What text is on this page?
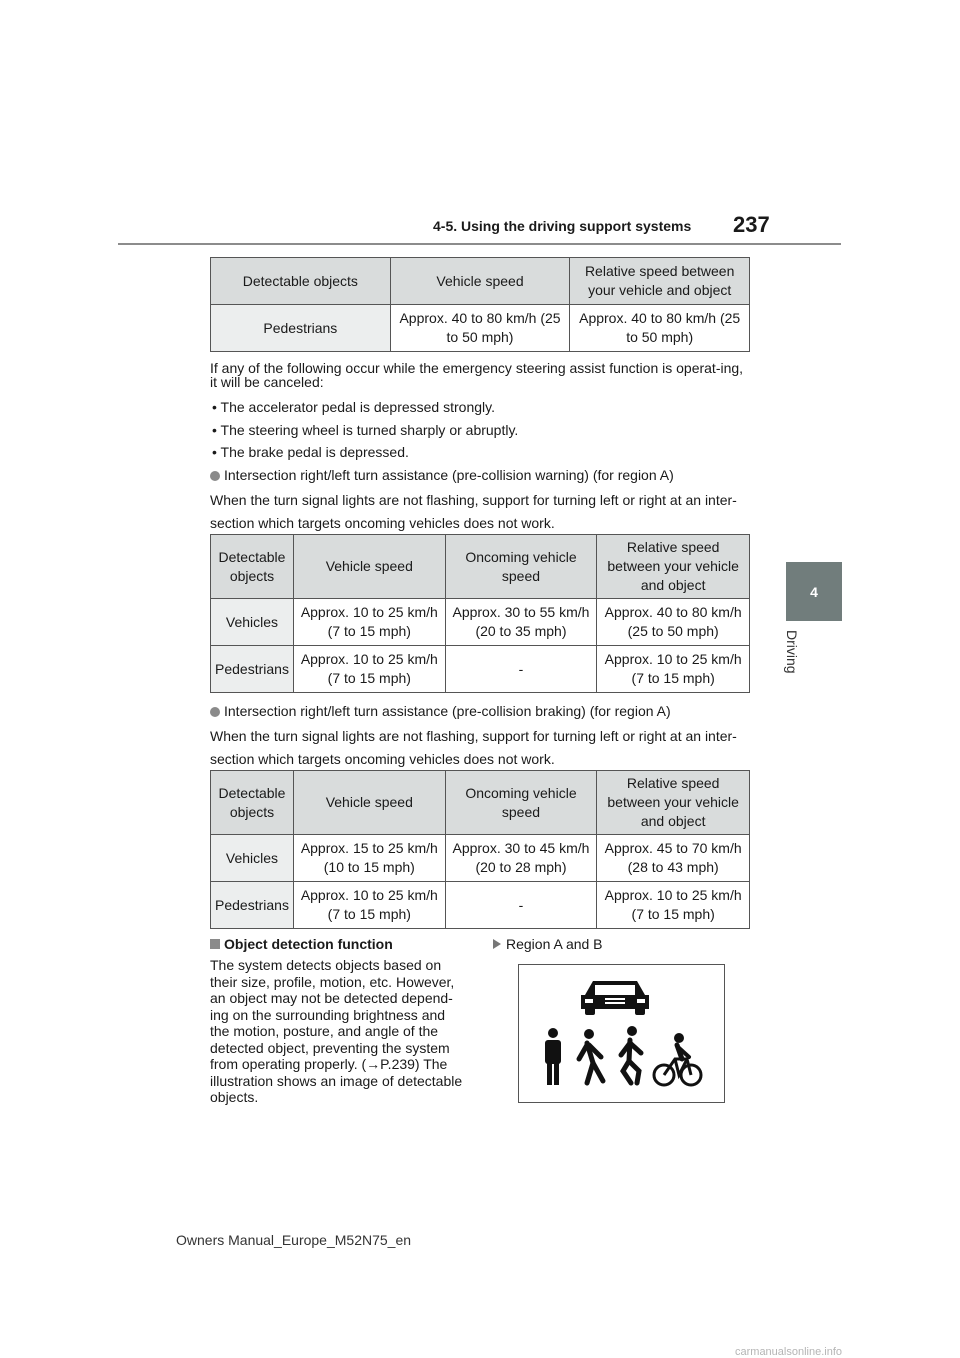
4-5. Using the driving support systems 237
4
Driving
Detectable objects	Vehicle speed	Relative speed between your vehicle and object
Pedestrians	Approx. 40 to 80 km/h (25 to 50 mph)	Approx. 40 to 80 km/h (25 to 50 mph)
If any of the following occur while the emergency steering assist function is operat-ing, it will be canceled:
• The accelerator pedal is depressed strongly.
• The steering wheel is turned sharply or abruptly.
• The brake pedal is depressed.
Intersection right/left turn assistance (pre-collision warning) (for region A)
When the turn signal lights are not flashing, support for turning left or right at an inter-section which targets oncoming vehicles does not work.
Detectable objects	Vehicle speed	Oncoming vehicle speed	Relative speed between your vehicle and object
Vehicles	Approx. 10 to 25 km/h (7 to 15 mph)	Approx. 30 to 55 km/h (20 to 35 mph)	Approx. 40 to 80 km/h (25 to 50 mph)
Pedestrians	Approx. 10 to 25 km/h (7 to 15 mph)	-	Approx. 10 to 25 km/h (7 to 15 mph)
Intersection right/left turn assistance (pre-collision braking) (for region A)
When the turn signal lights are not flashing, support for turning left or right at an inter-section which targets oncoming vehicles does not work.
Detectable objects	Vehicle speed	Oncoming vehicle speed	Relative speed between your vehicle and object
Vehicles	Approx. 15 to 25 km/h (10 to 15 mph)	Approx. 30 to 45 km/h (20 to 28 mph)	Approx. 45 to 70 km/h (28 to 43 mph)
Pedestrians	Approx. 10 to 25 km/h (7 to 15 mph)	-	Approx. 10 to 25 km/h (7 to 15 mph)
Object detection function
The system detects objects based on their size, profile, motion, etc. However, an object may not be detected depend-ing on the surrounding brightness and the motion, posture, and angle of the detected object, preventing the system from operating properly. (→P.239) The illustration shows an image of detectable objects.
Region A and B
Owners Manual_Europe_M52N75_en
carmanualsonline.info
